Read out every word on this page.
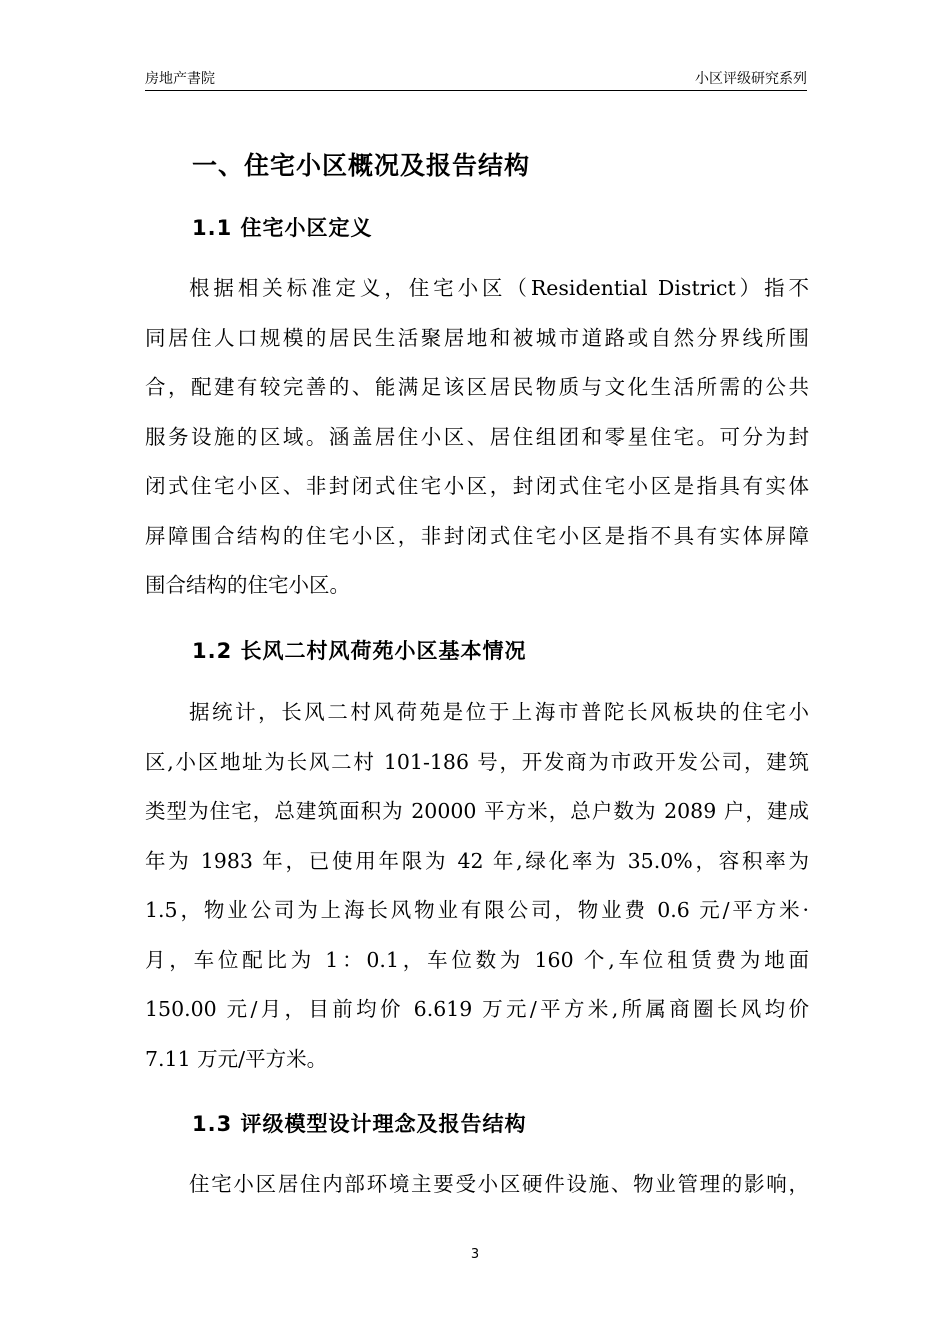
房地产書院	小区评级研究系列
一、住宅小区概况及报告结构
1.1 住宅小区定义
根据相关标准定义，住宅小区（Residential District）指不
同居住人口规模的居民生活聚居地和被城市道路或自然分界线所围
合，配建有较完善的、能满足该区居民物质与文化生活所需的公共
服务设施的区域。涵盖居住小区、居住组团和零星住宅。可分为封
闭式住宅小区、非封闭式住宅小区，封闭式住宅小区是指具有实体
屏障围合结构的住宅小区，非封闭式住宅小区是指不具有实体屏障
围合结构的住宅小区。
1.2 长风二村风荷苑小区基本情况
据统计，长风二村风荷苑是位于上海市普陀长风板块的住宅小
区,小区地址为长风二村 101-186 号，开发商为市政开发公司，建筑
类型为住宅，总建筑面积为 20000 平方米，总户数为 2089 户，建成
年为 1983 年，已使用年限为 42 年,绿化率为 35.0%，容积率为
1.5，物业公司为上海长风物业有限公司，物业费 0.6 元/平方米·
月，车位配比为 1：0.1，车位数为 160 个,车位租赁费为地面
150.00 元/月，目前均价 6.619 万元/平方米,所属商圈长风均价
7.11 万元/平方米。
1.3 评级模型设计理念及报告结构
住宅小区居住内部环境主要受小区硬件设施、物业管理的影响，
3
